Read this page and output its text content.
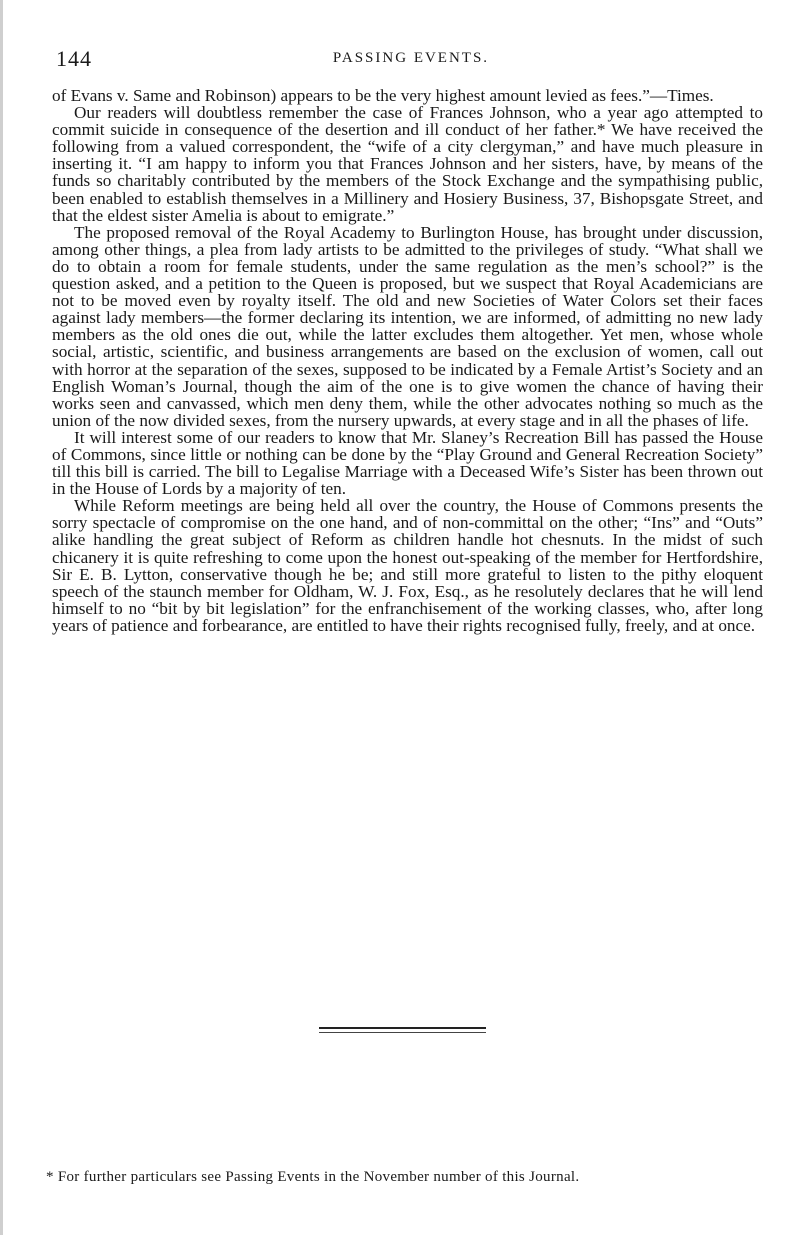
144	PASSING EVENTS.

of Evans v. Same and Robinson) appears to be the very highest amount levied as fees.”—Times.

Our readers will doubtless remember the case of Frances Johnson, who a year ago attempted to commit suicide in consequence of the desertion and ill conduct of her father.* We have received the following from a valued correspondent, the “wife of a city clergyman,” and have much pleasure in inserting it. “I am happy to inform you that Frances Johnson and her sisters, have, by means of the funds so charitably contributed by the members of the Stock Exchange and the sympathising public, been enabled to establish themselves in a Millinery and Hosiery Business, 37, Bishopsgate Street, and that the eldest sister Amelia is about to emigrate.”

The proposed removal of the Royal Academy to Burlington House, has brought under discussion, among other things, a plea from lady artists to be admitted to the privileges of study. “What shall we do to obtain a room for female students, under the same regulation as the men’s school?” is the question asked, and a petition to the Queen is proposed, but we suspect that Royal Academicians are not to be moved even by royalty itself. The old and new Societies of Water Colors set their faces against lady members—the former declaring its intention, we are informed, of admitting no new lady members as the old ones die out, while the latter excludes them altogether. Yet men, whose whole social, artistic, scientific, and business arrangements are based on the exclusion of women, call out with horror at the separation of the sexes, supposed to be indicated by a Female Artist’s Society and an English Woman’s Journal, though the aim of the one is to give women the chance of having their works seen and canvassed, which men deny them, while the other advocates nothing so much as the union of the now divided sexes, from the nursery upwards, at every stage and in all the phases of life.

It will interest some of our readers to know that Mr. Slaney’s Recreation Bill has passed the House of Commons, since little or nothing can be done by the “Play Ground and General Recreation Society” till this bill is carried. The bill to Legalise Marriage with a Deceased Wife’s Sister has been thrown out in the House of Lords by a majority of ten.

While Reform meetings are being held all over the country, the House of Commons presents the sorry spectacle of compromise on the one hand, and of non-committal on the other; “Ins” and “Outs” alike handling the great subject of Reform as children handle hot chesnuts. In the midst of such chicanery it is quite refreshing to come upon the honest out-speaking of the member for Hertfordshire, Sir E. B. Lytton, conservative though he be; and still more grateful to listen to the pithy eloquent speech of the staunch member for Oldham, W. J. Fox, Esq., as he resolutely declares that he will lend himself to no “bit by bit legislation” for the enfranchisement of the working classes, who, after long years of patience and forbearance, are entitled to have their rights recognised fully, freely, and at once.

* For further particulars see Passing Events in the November number of this Journal.
